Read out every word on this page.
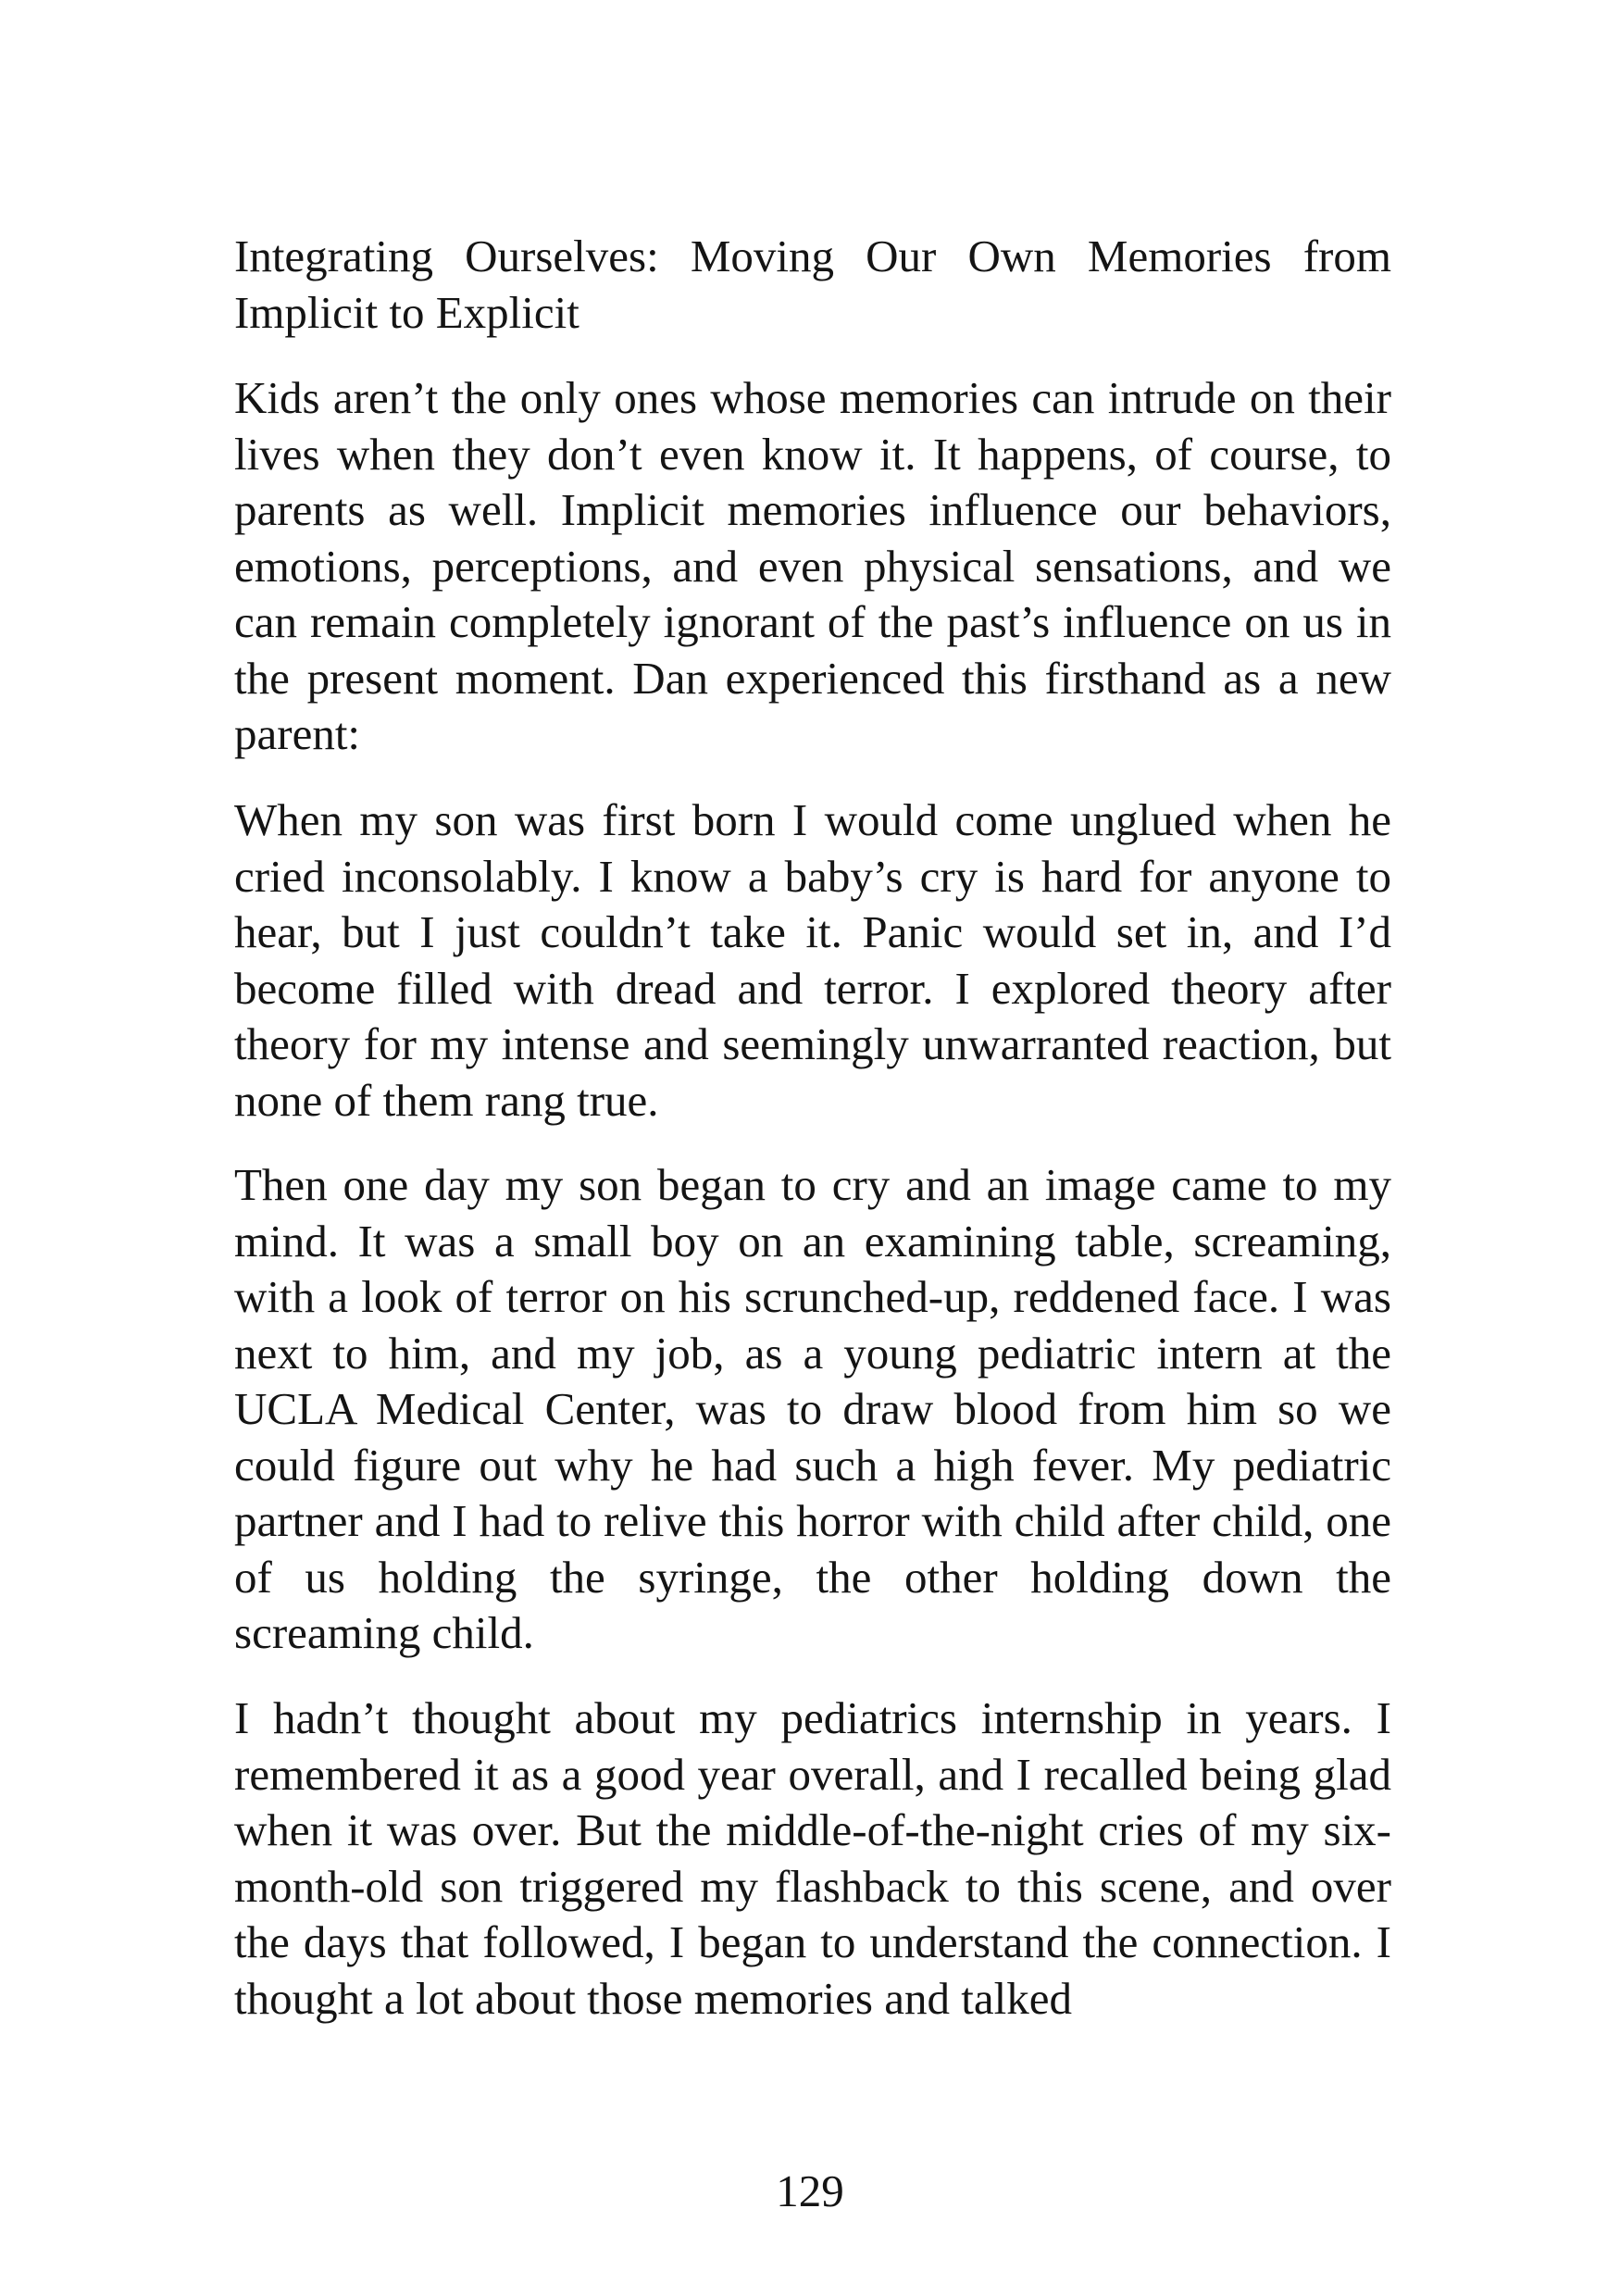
Integrating Ourselves: Moving Our Own Memories from Implicit to Explicit

Kids aren’t the only ones whose memories can intrude on their lives when they don’t even know it. It happens, of course, to parents as well. Implicit memories influence our behaviors, emotions, perceptions, and even physical sensations, and we can remain completely ignorant of the past’s influence on us in the present moment. Dan experienced this firsthand as a new parent:

When my son was first born I would come unglued when he cried inconsolably. I know a baby’s cry is hard for anyone to hear, but I just couldn’t take it. Panic would set in, and I’d become filled with dread and terror. I explored theory after theory for my intense and seemingly unwarranted reaction, but none of them rang true.

Then one day my son began to cry and an image came to my mind. It was a small boy on an examining table, screaming, with a look of terror on his scrunched-up, reddened face. I was next to him, and my job, as a young pediatric intern at the UCLA Medical Center, was to draw blood from him so we could figure out why he had such a high fever. My pediatric partner and I had to relive this horror with child after child, one of us holding the syringe, the other holding down the screaming child.

I hadn’t thought about my pediatrics internship in years. I remembered it as a good year overall, and I recalled being glad when it was over. But the middle-of-the-night cries of my six-month-old son triggered my flashback to this scene, and over the days that followed, I began to understand the connection. I thought a lot about those memories and talked

129
